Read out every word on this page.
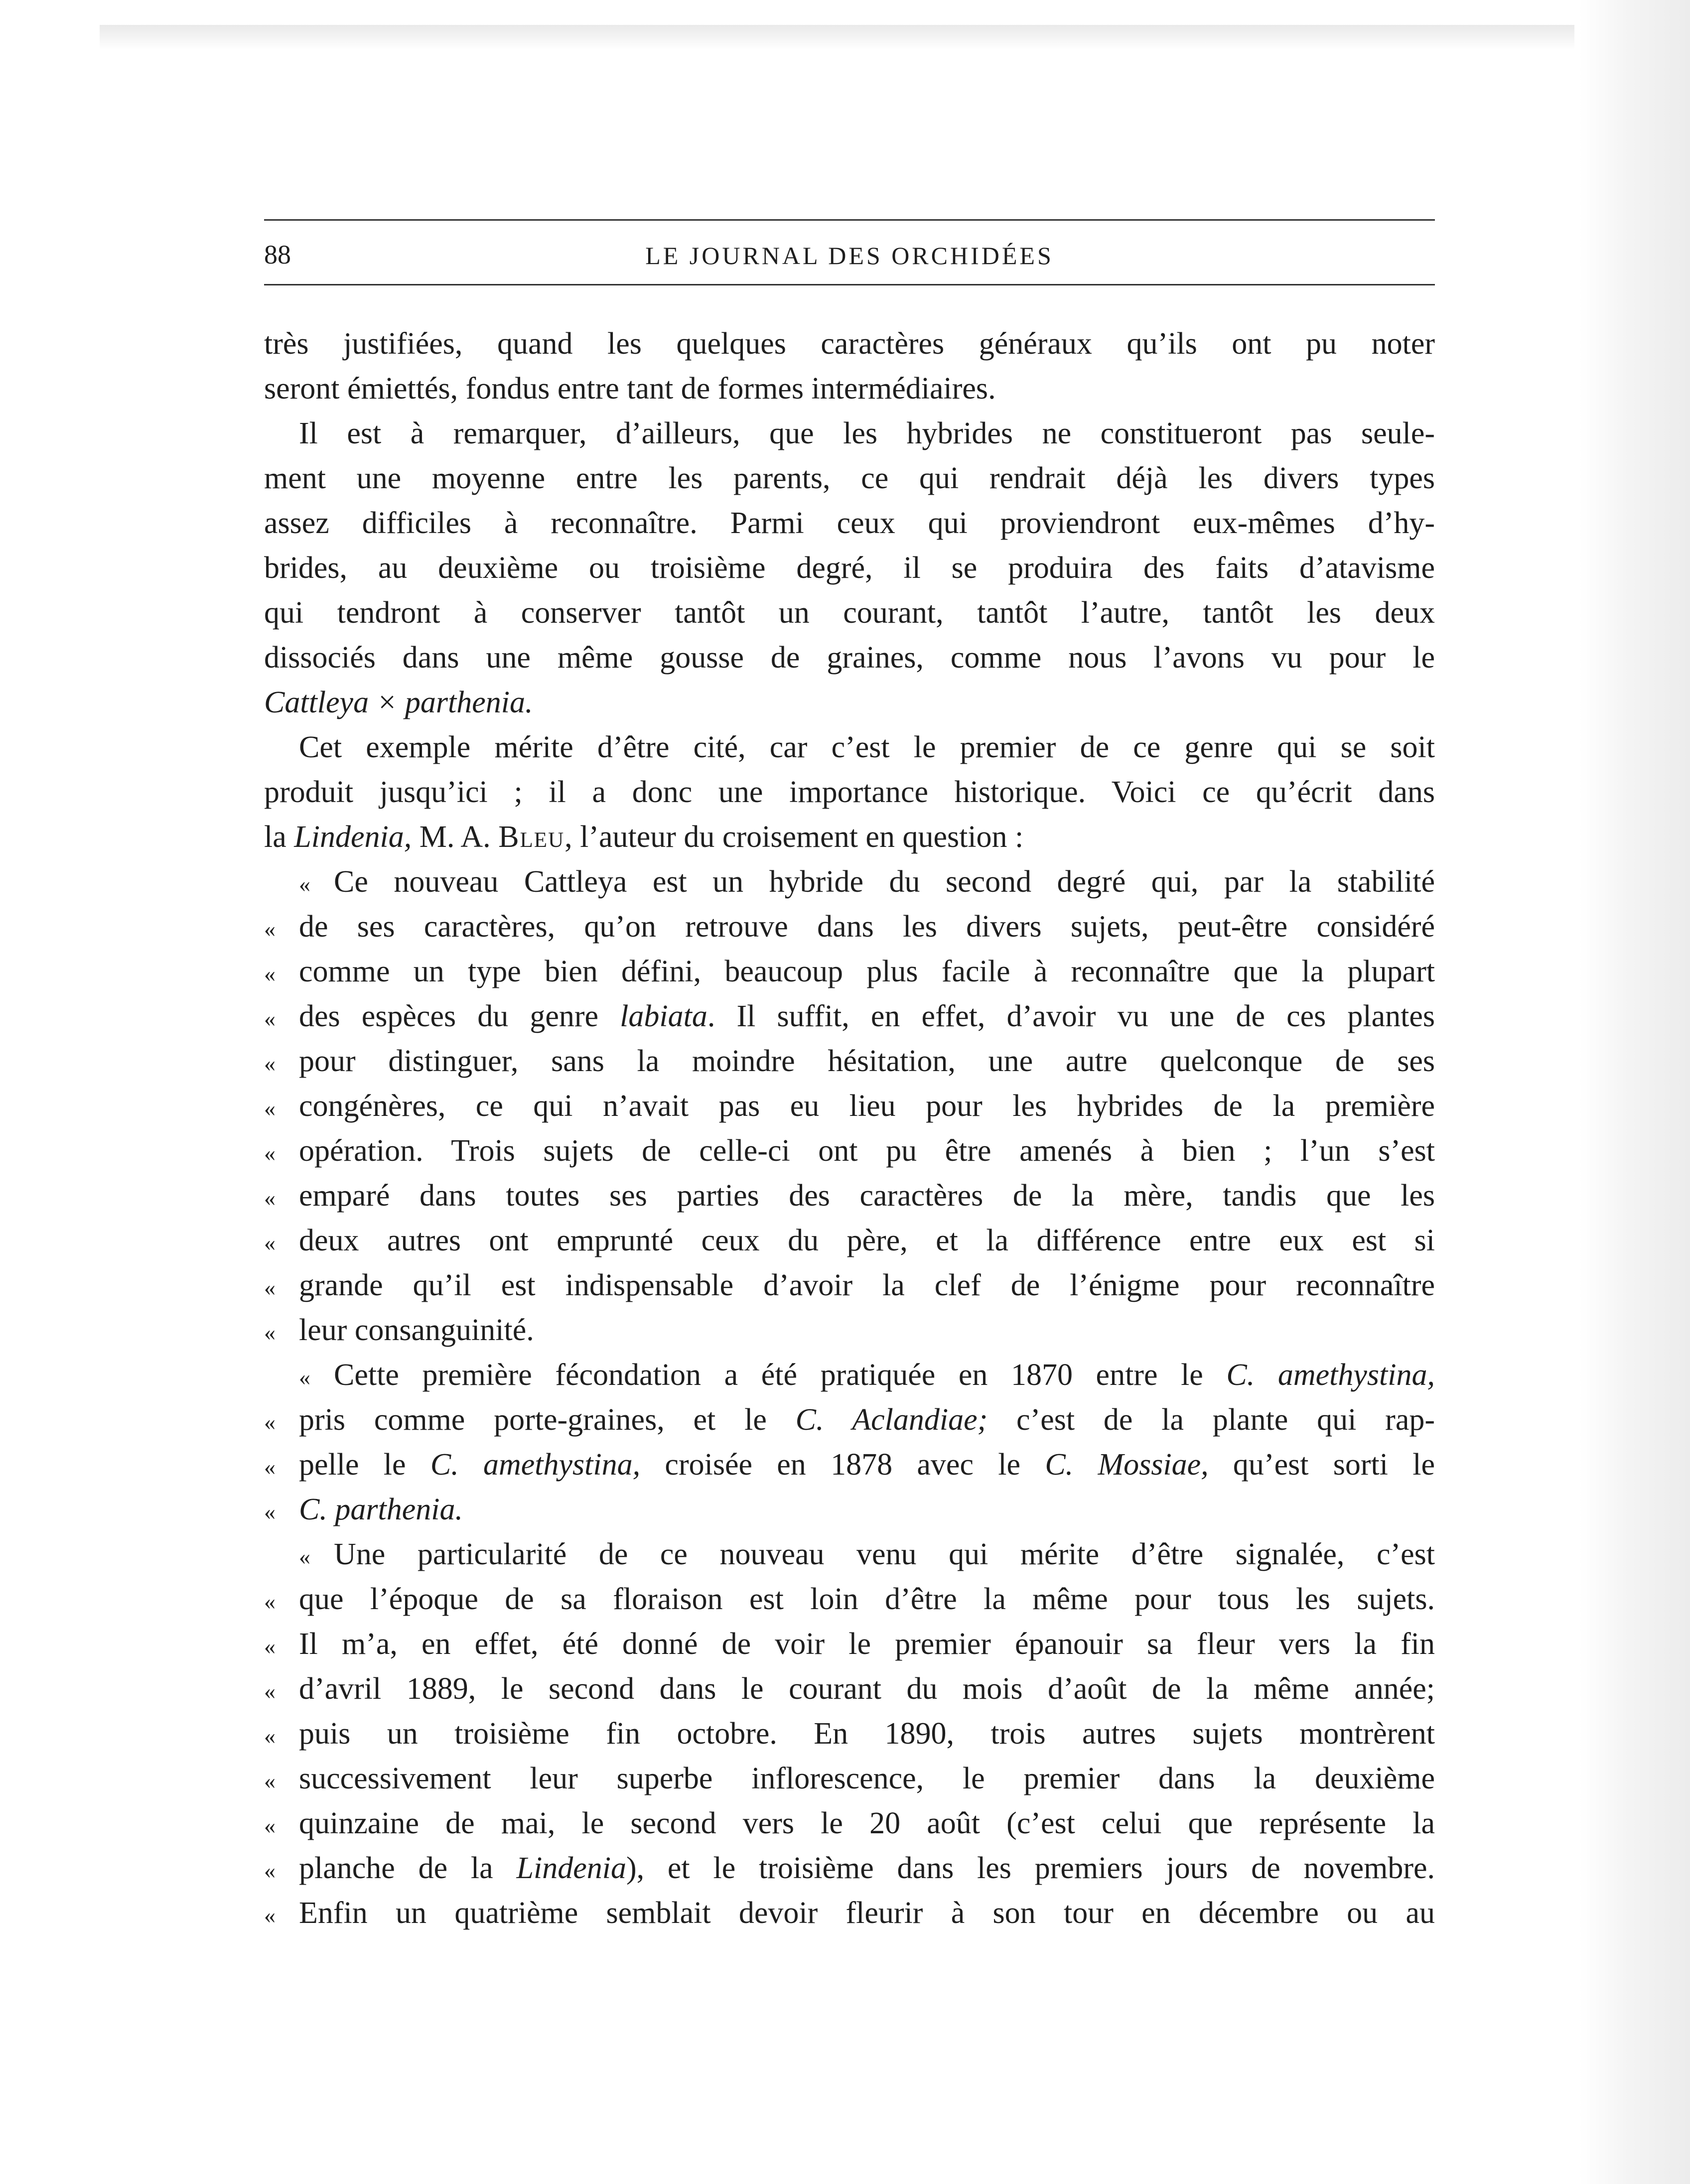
88	LE JOURNAL DES ORCHIDÉES
très justifiées, quand les quelques caractères généraux qu’ils ont pu noter
seront émiettés, fondus entre tant de formes intermédiaires.
Il est à remarquer, d’ailleurs, que les hybrides ne constitueront pas seule-
ment une moyenne entre les parents, ce qui rendrait déjà les divers types
assez difficiles à reconnaître. Parmi ceux qui proviendront eux-mêmes d’hy-
brides, au deuxième ou troisième degré, il se produira des faits d’atavisme
qui tendront à conserver tantôt un courant, tantôt l’autre, tantôt les deux
dissociés dans une même gousse de graines, comme nous l’avons vu pour le
Cattleya × parthenia.
Cet exemple mérite d’être cité, car c’est le premier de ce genre qui se soit
produit jusqu’ici ; il a donc une importance historique. Voici ce qu’écrit dans
la Lindenia, M. A. Bleu, l’auteur du croisement en question :
« Ce nouveau Cattleya est un hybride du second degré qui, par la stabilité
« de ses caractères, qu’on retrouve dans les divers sujets, peut-être considéré
« comme un type bien défini, beaucoup plus facile à reconnaître que la plupart
« des espèces du genre labiata. Il suffit, en effet, d’avoir vu une de ces plantes
« pour distinguer, sans la moindre hésitation, une autre quelconque de ses
« congénères, ce qui n’avait pas eu lieu pour les hybrides de la première
« opération. Trois sujets de celle-ci ont pu être amenés à bien ; l’un s’est
« emparé dans toutes ses parties des caractères de la mère, tandis que les
« deux autres ont emprunté ceux du père, et la différence entre eux est si
« grande qu’il est indispensable d’avoir la clef de l’énigme pour reconnaître
« leur consanguinité.
« Cette première fécondation a été pratiquée en 1870 entre le C. amethystina,
« pris comme porte-graines, et le C. Aclandiae; c’est de la plante qui rap-
« pelle le C. amethystina, croisée en 1878 avec le C. Mossiae, qu’est sorti le
« C. parthenia.
« Une particularité de ce nouveau venu qui mérite d’être signalée, c’est
« que l’époque de sa floraison est loin d’être la même pour tous les sujets.
« Il m’a, en effet, été donné de voir le premier épanouir sa fleur vers la fin
« d’avril 1889, le second dans le courant du mois d’août de la même année;
« puis un troisième fin octobre. En 1890, trois autres sujets montrèrent
« successivement leur superbe inflorescence, le premier dans la deuxième
« quinzaine de mai, le second vers le 20 août (c’est celui que représente la
« planche de la Lindenia), et le troisième dans les premiers jours de novembre.
« Enfin un quatrième semblait devoir fleurir à son tour en décembre ou au
